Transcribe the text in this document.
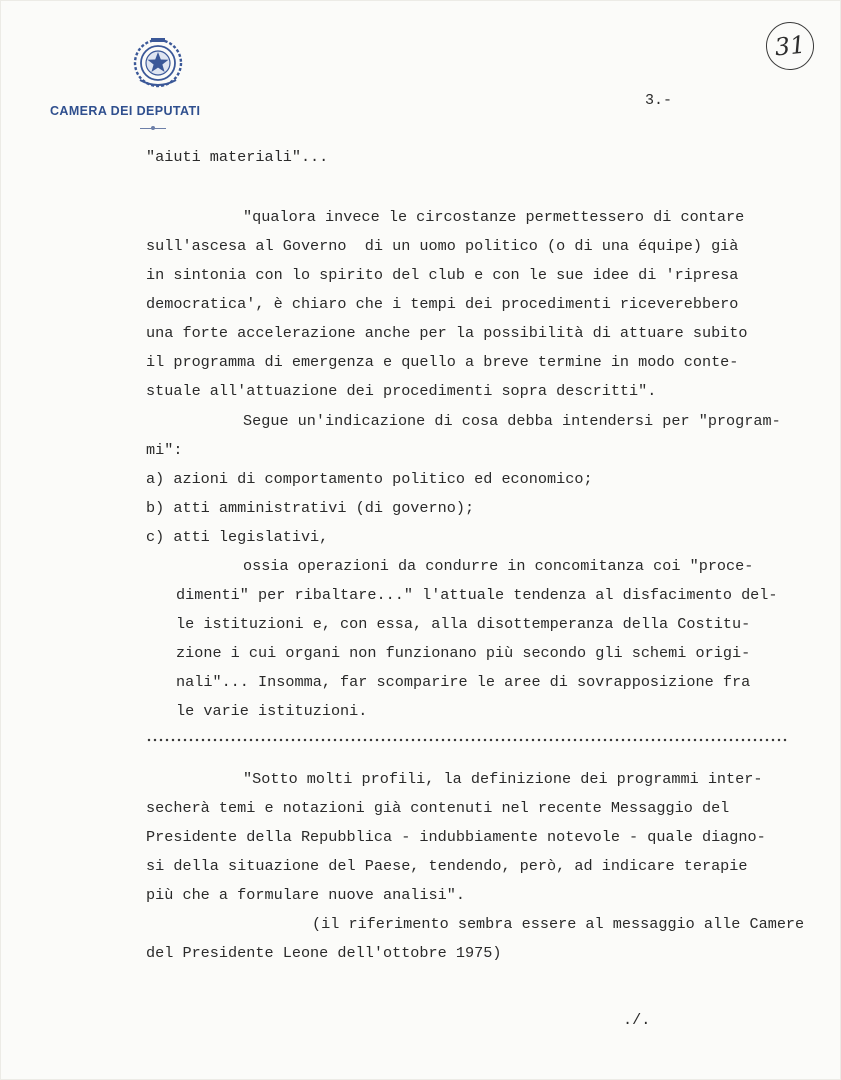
CAMERA DEI DEPUTATI
31
3.-
"aiuti materiali"...
"qualora invece le circostanze permettessero di contare
sull'ascesa al Governo  di un uomo politico (o di una équipe) già
in sintonia con lo spirito del club e con le sue idee di 'ripresa
democratica', è chiaro che i tempi dei procedimenti riceverebbero
una forte accelerazione anche per la possibilità di attuare subito
il programma di emergenza e quello a breve termine in modo conte-
stuale all'attuazione dei procedimenti sopra descritti".
Segue un'indicazione di cosa debba intendersi per "program-
mi":
a) azioni di comportamento politico ed economico;
b) atti amministrativi (di governo);
c) atti legislativi,
ossia operazioni da condurre in concomitanza coi "proce-
dimenti" per ribaltare..." l'attuale tendenza al disfacimento del-
le istituzioni e, con essa, alla disottemperanza della Costitu-
zione i cui organi non funzionano più secondo gli schemi origi-
nali"... Insomma, far scomparire le aree di sovrapposizione fra
le varie istituzioni.
"Sotto molti profili, la definizione dei programmi inter-
secherà temi e notazioni già contenuti nel recente Messaggio del
Presidente della Repubblica - indubbiamente notevole - quale diagno-
si della situazione del Paese, tendendo, però, ad indicare terapie
più che a formulare nuove analisi".
(il riferimento sembra essere al messaggio alle Camere
del Presidente Leone dell'ottobre 1975)
./.
